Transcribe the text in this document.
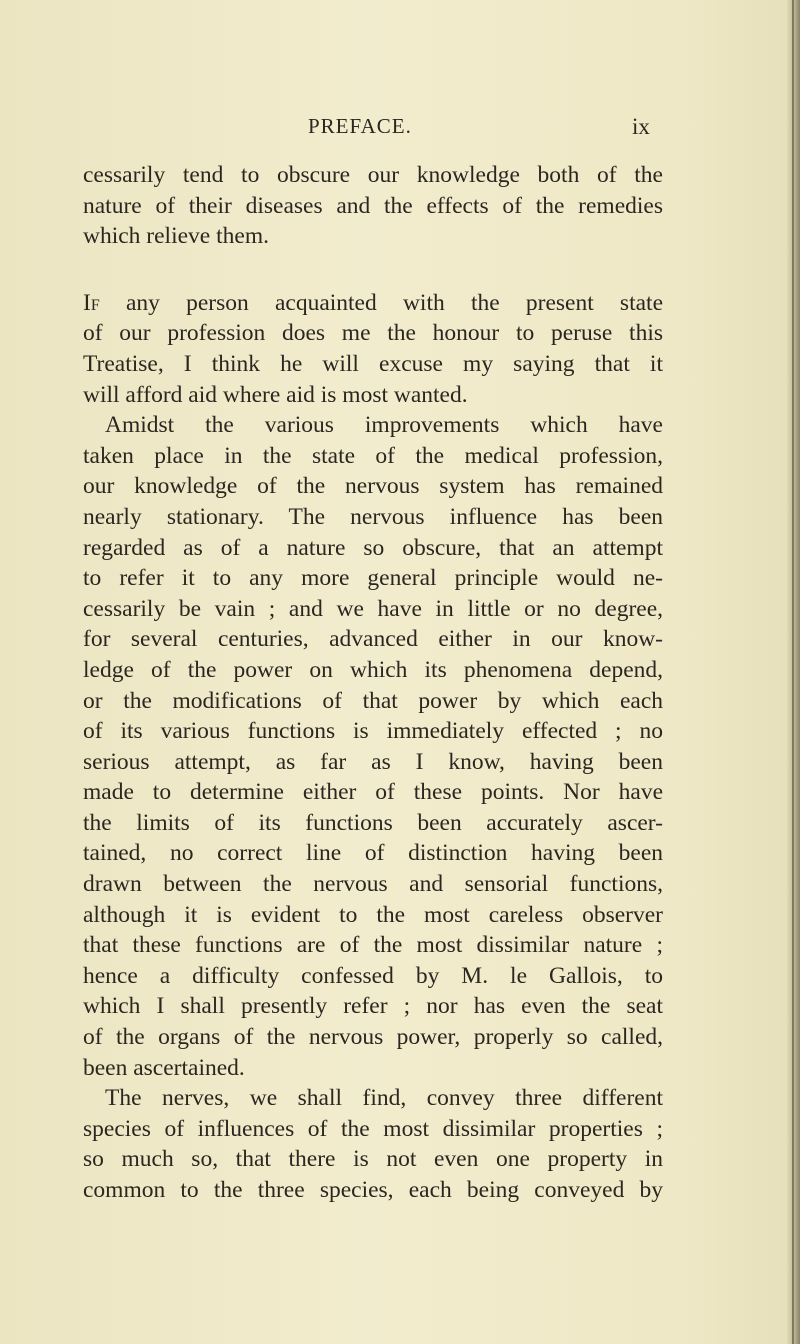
PREFACE.	ix
cessarily tend to obscure our knowledge both of the
nature of their diseases and the effects of the remedies
which relieve them.
If any person acquainted with the present state
of our profession does me the honour to peruse this
Treatise, I think he will excuse my saying that it
will afford aid where aid is most wanted.
Amidst the various improvements which have
taken place in the state of the medical profession,
our knowledge of the nervous system has remained
nearly stationary. The nervous influence has been
regarded as of a nature so obscure, that an attempt
to refer it to any more general principle would ne-
cessarily be vain ; and we have in little or no degree,
for several centuries, advanced either in our know-
ledge of the power on which its phenomena depend,
or the modifications of that power by which each
of its various functions is immediately effected ; no
serious attempt, as far as I know, having been
made to determine either of these points. Nor have
the limits of its functions been accurately ascer-
tained, no correct line of distinction having been
drawn between the nervous and sensorial functions,
although it is evident to the most careless observer
that these functions are of the most dissimilar nature ;
hence a difficulty confessed by M. le Gallois, to
which I shall presently refer ; nor has even the seat
of the organs of the nervous power, properly so called,
been ascertained.
The nerves, we shall find, convey three different
species of influences of the most dissimilar properties ;
so much so, that there is not even one property in
common to the three species, each being conveyed by
